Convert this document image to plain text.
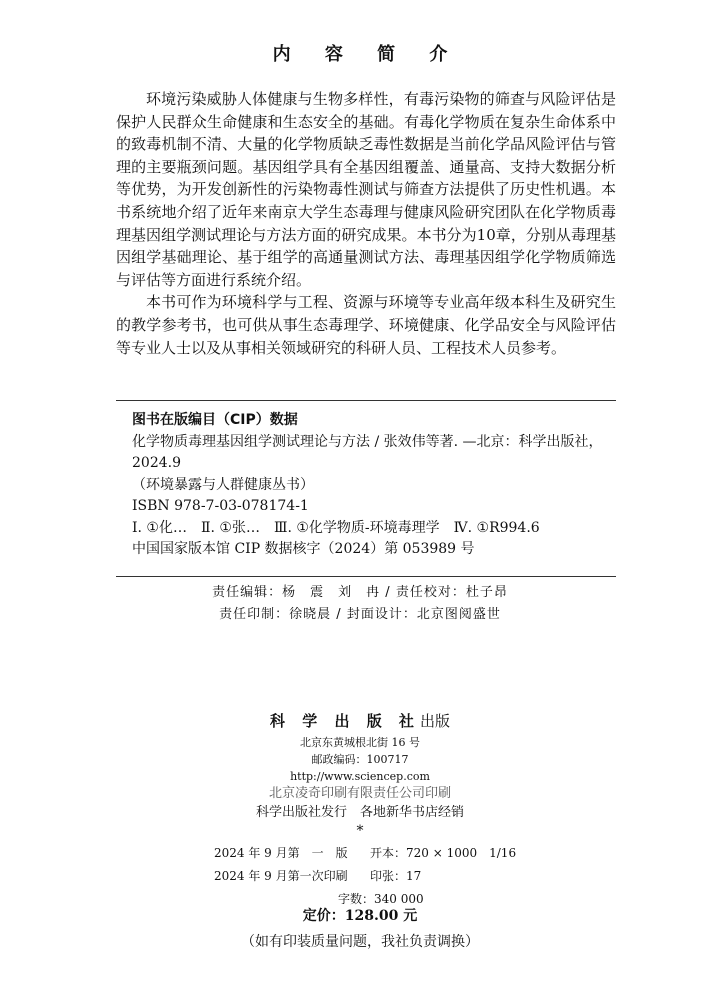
内 容 简 介

环境污染威胁人体健康与生物多样性，有毒污染物的筛查与风险评估是保护人民群众生命健康和生态安全的基础。有毒化学物质在复杂生命体系中的致毒机制不清、大量的化学物质缺乏毒性数据是当前化学品风险评估与管理的主要瓶颈问题。基因组学具有全基因组覆盖、通量高、支持大数据分析等优势，为开发创新性的污染物毒性测试与筛查方法提供了历史性机遇。本书系统地介绍了近年来南京大学生态毒理与健康风险研究团队在化学物质毒理基因组学测试理论与方法方面的研究成果。本书分为10章，分别从毒理基因组学基础理论、基于组学的高通量测试方法、毒理基因组学化学物质筛选与评估等方面进行系统介绍。

本书可作为环境科学与工程、资源与环境等专业高年级本科生及研究生的教学参考书，也可供从事生态毒理学、环境健康、化学品安全与风险评估等专业人士以及从事相关领域研究的科研人员、工程技术人员参考。

图书在版编目（CIP）数据
化学物质毒理基因组学测试理论与方法 / 张效伟等著. —北京：科学出版社，2024.9
（环境暴露与人群健康丛书）
ISBN 978-7-03-078174-1
Ⅰ. ①化…　Ⅱ. ①张…　Ⅲ. ①化学物质-环境毒理学　Ⅳ. ①R994.6
中国国家版本馆 CIP 数据核字（2024）第 053989 号
责任编辑：杨　震　刘　冉 / 责任校对：杜子昂
责任印制：徐晓晨 / 封面设计：北京图阅盛世
科 学 出 版 社出版
北京东黄城根北街 16 号
邮政编码：100717
http://www.sciencep.com
北京凌奇印刷有限责任公司印刷
科学出版社发行　各地新华书店经销
*
2024 年 9 月第　一　版 开本：720 × 1000　1/16
2024 年 9 月第一次印刷 印张：17
字数：340 000
定价：128.00 元
（如有印装质量问题，我社负责调换）
